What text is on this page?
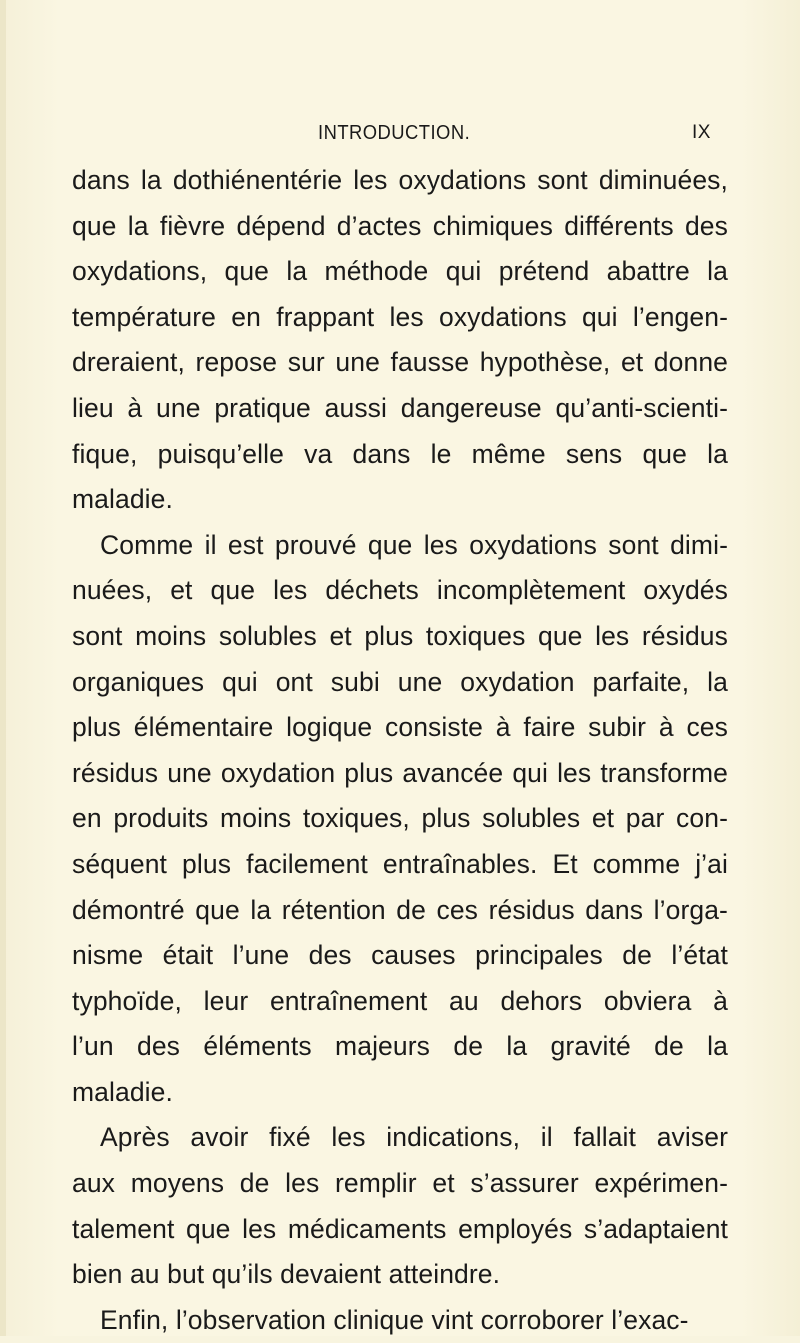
INTRODUCTION.	IX
dans la dothiénentérie les oxydations sont diminuées,
que la fièvre dépend d’actes chimiques différents des
oxydations, que la méthode qui prétend abattre la
température en frappant les oxydations qui l’engen-
dreraient, repose sur une fausse hypothèse, et donne
lieu à une pratique aussi dangereuse qu’anti-scienti-
fique, puisqu’elle va dans le même sens que la
maladie.
Comme il est prouvé que les oxydations sont dimi-
nuées, et que les déchets incomplètement oxydés
sont moins solubles et plus toxiques que les résidus
organiques qui ont subi une oxydation parfaite, la
plus élémentaire logique consiste à faire subir à ces
résidus une oxydation plus avancée qui les transforme
en produits moins toxiques, plus solubles et par con-
séquent plus facilement entraînables. Et comme j’ai
démontré que la rétention de ces résidus dans l’orga-
nisme était l’une des causes principales de l’état
typhoïde, leur entraînement au dehors obviera à
l’un des éléments majeurs de la gravité de la
maladie.
Après avoir fixé les indications, il fallait aviser
aux moyens de les remplir et s’assurer expérimen-
talement que les médicaments employés s’adaptaient
bien au but qu’ils devaient atteindre.
Enfin, l’observation clinique vint corroborer l’exac-
